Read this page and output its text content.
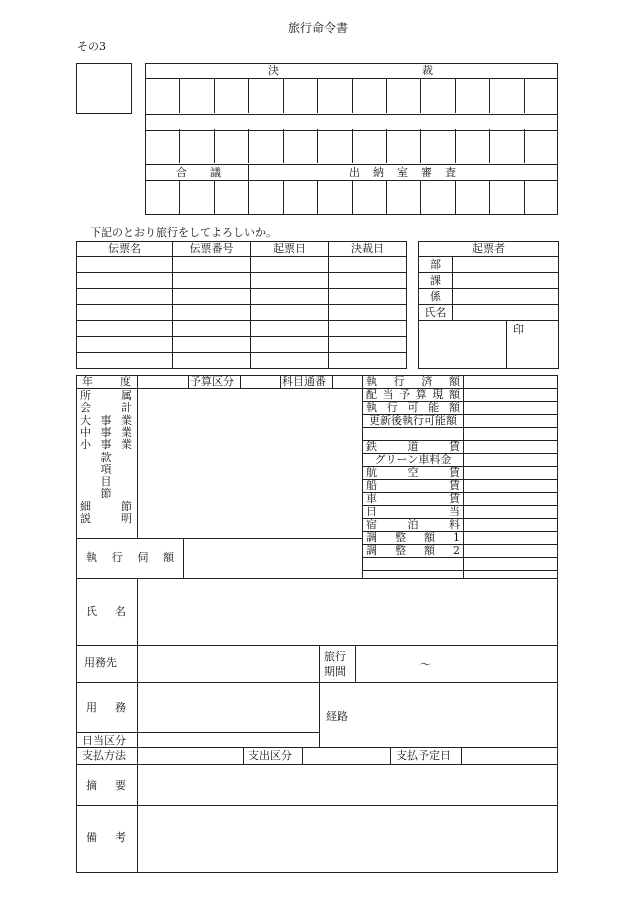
旅行命令書
その3
決	裁
合 議	出 納 室 審 査
下記のとおり旅行をしてよろしいか。
伝票名	伝票番号	起票日	決裁日

				起票者		
部		
課		
係		
氏名		
		印
年 度	予算区分	科目通番
所	属
会	計
大 事 業
中 事 業
小 事 業
款
項
目
節
細	節
説	明
執 行 済 額
配 当 予 算 現 額
執 行 可 能 額
更新後執行可能額
鉄	道	賃
グリーン車料金
航	空	賃
船	賃
車	賃
日	当
宿	泊	料
調 整 額 1
調 整 額 2
執 行 伺 額
氏 名
用務先	旅行
期間
～
用 務
経路
日当区分
支払方法	支出区分	支払予定日
摘 要
備 考
